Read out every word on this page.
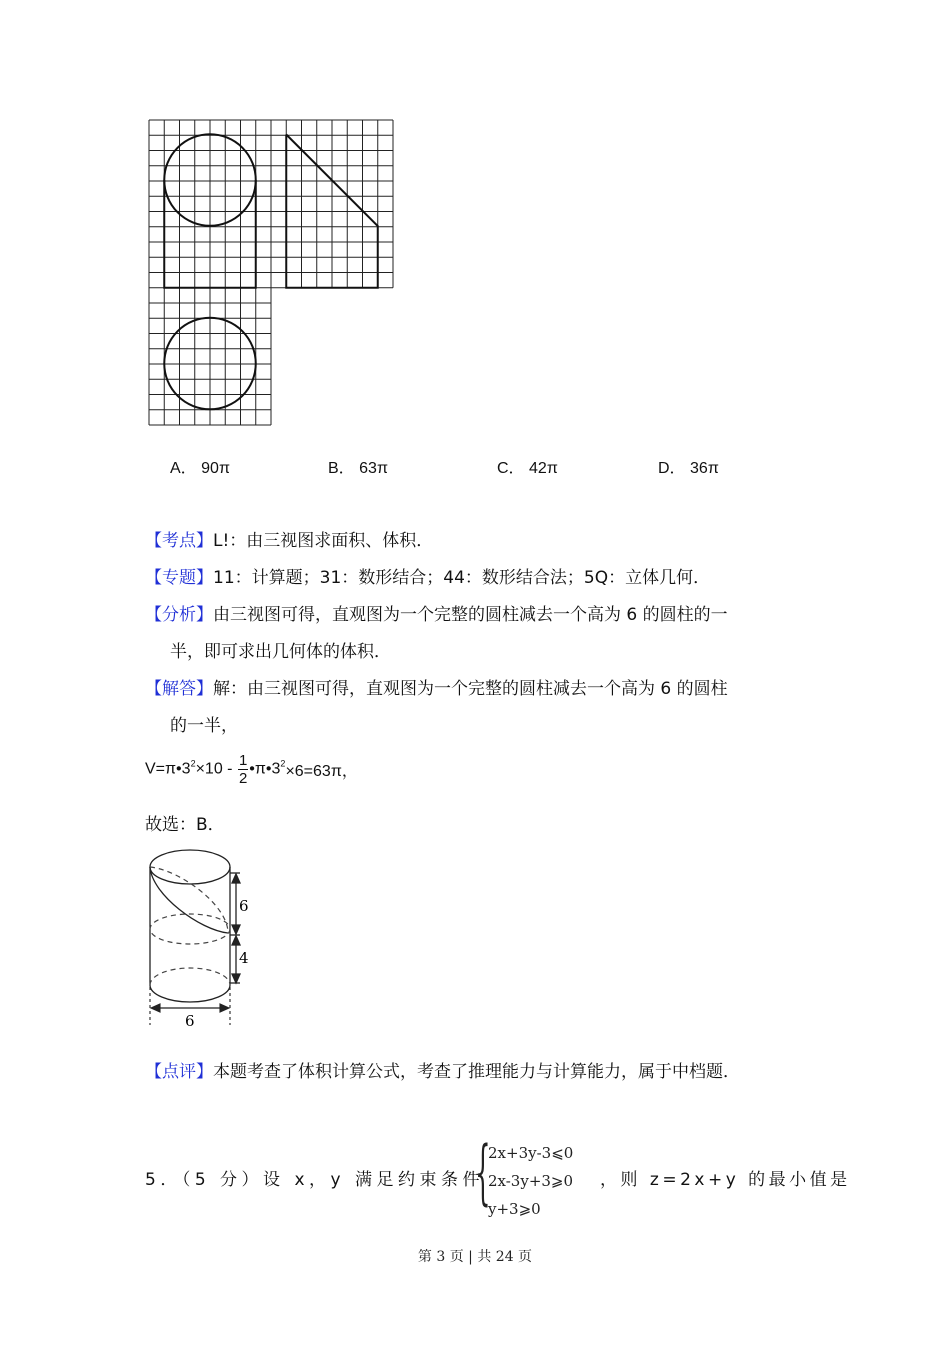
A． 90π	B． 63π	C． 42π	D． 36π
【考点】L!：由三视图求面积、体积．
【专题】11：计算题；31：数形结合；44：数形结合法；5Q：立体几何．
【分析】由三视图可得，直观图为一个完整的圆柱减去一个高为 6 的圆柱的一
半，即可求出几何体的体积．
【解答】解：由三视图可得，直观图为一个完整的圆柱减去一个高为 6 的圆柱
的一半，
$V=\pi•3^2\times 10 - \frac{1}{2}$ $•\pi•3^2\times 6=63\pi$，
故选：B．
6
4
6
【点评】本题考查了体积计算公式，考查了推理能力与计算能力，属于中档题．
5．（5 分）设 x，y 满足约束条件
{
2x+3y-3⩽0
2x-3y+3⩾0
y+3⩾0
，则 z=2x+y 的最小值是
第 3 页 | 共 24 页
